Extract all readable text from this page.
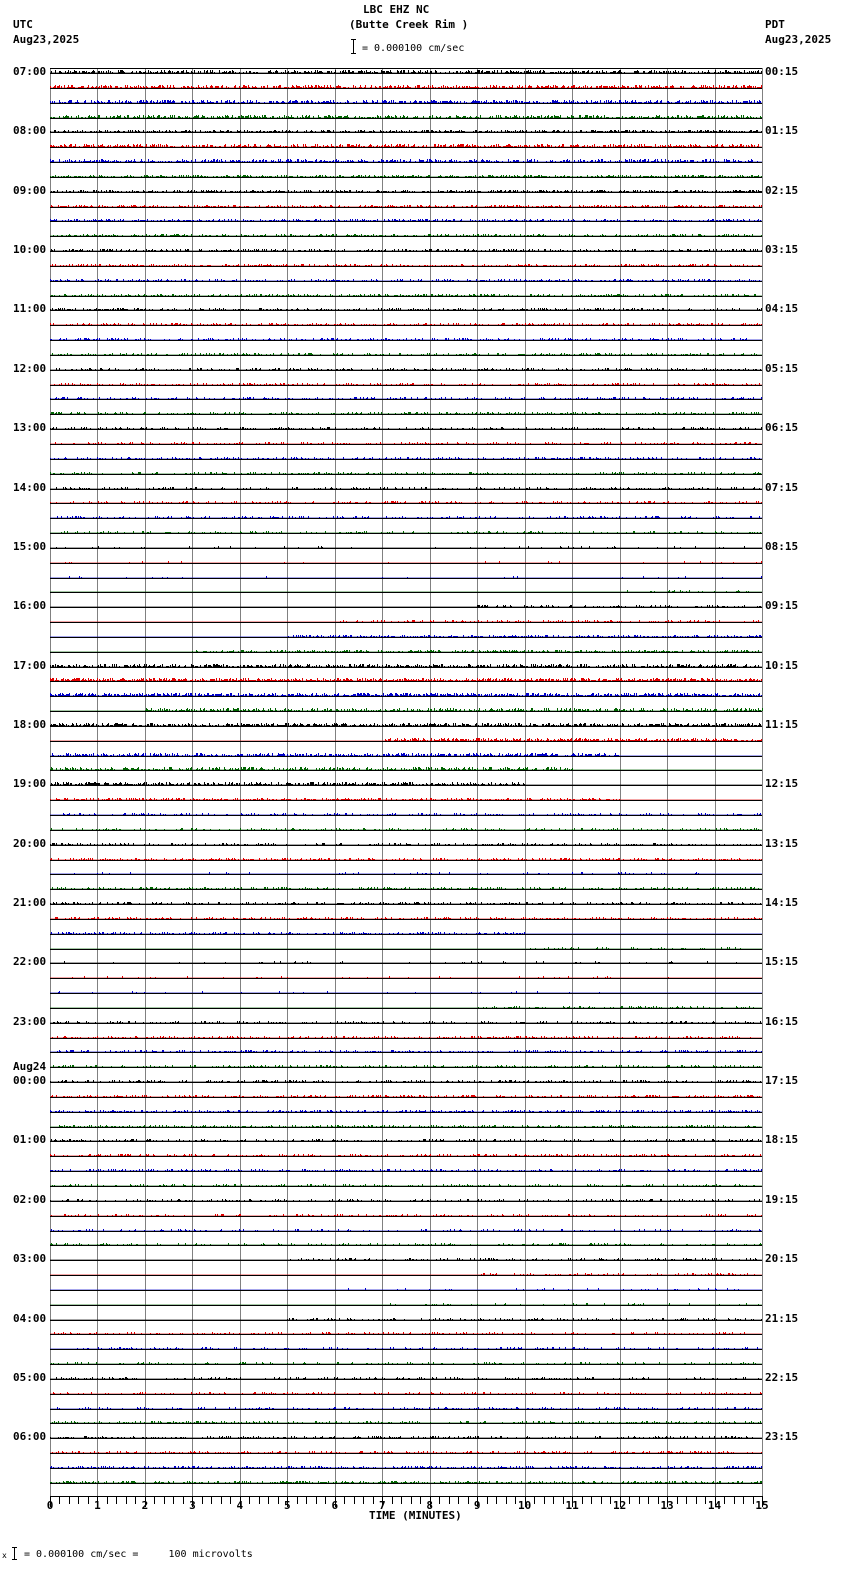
LBC EHZ NC
(Butte Creek Rim )
UTC
Aug23,2025
PDT
Aug23,2025
= 0.000100 cm/sec
07:00
08:00
09:00
10:00
11:00
12:00
13:00
14:00
15:00
16:00
17:00
18:00
19:00
20:00
21:00
22:00
23:00
00:00
Aug24
01:00
02:00
03:00
04:00
05:00
06:00
00:15
01:15
02:15
03:15
04:15
05:15
06:15
07:15
08:15
09:15
10:15
11:15
12:15
13:15
14:15
15:15
16:15
17:15
18:15
19:15
20:15
21:15
22:15
23:15
0	1	2	3	4	5	6	7	8	9	10	11	12	13	14	15
TIME (MINUTES)
x = 0.000100 cm/sec =     100 microvolts
